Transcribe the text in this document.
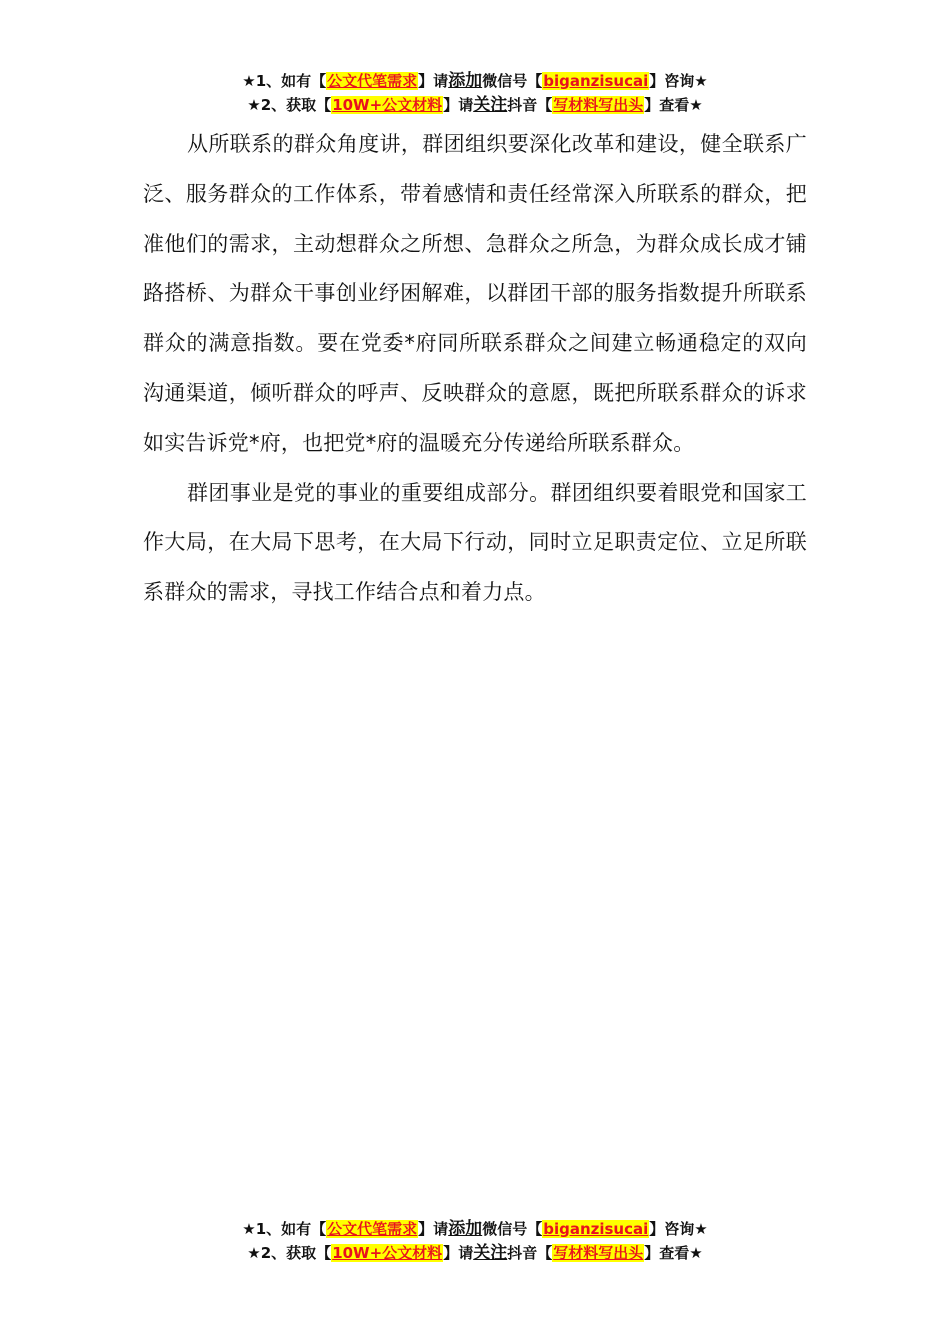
★1、如有【公文代笔需求】请添加微信号【biganzisucai】咨询★
★2、获取【10W+公文材料】请关注抖音【写材料写出头】查看★

从所联系的群众角度讲，群团组织要深化改革和建设，健全联系广泛、服务群众的工作体系，带着感情和责任经常深入所联系的群众，把准他们的需求，主动想群众之所想、急群众之所急，为群众成长成才铺路搭桥、为群众干事创业纾困解难，以群团干部的服务指数提升所联系群众的满意指数。要在党委*府同所联系群众之间建立畅通稳定的双向沟通渠道，倾听群众的呼声、反映群众的意愿，既把所联系群众的诉求如实告诉党*府，也把党*府的温暖充分传递给所联系群众。

群团事业是党的事业的重要组成部分。群团组织要着眼党和国家工作大局，在大局下思考，在大局下行动，同时立足职责定位、立足所联系群众的需求，寻找工作结合点和着力点。

★1、如有【公文代笔需求】请添加微信号【biganzisucai】咨询★
★2、获取【10W+公文材料】请关注抖音【写材料写出头】查看★
